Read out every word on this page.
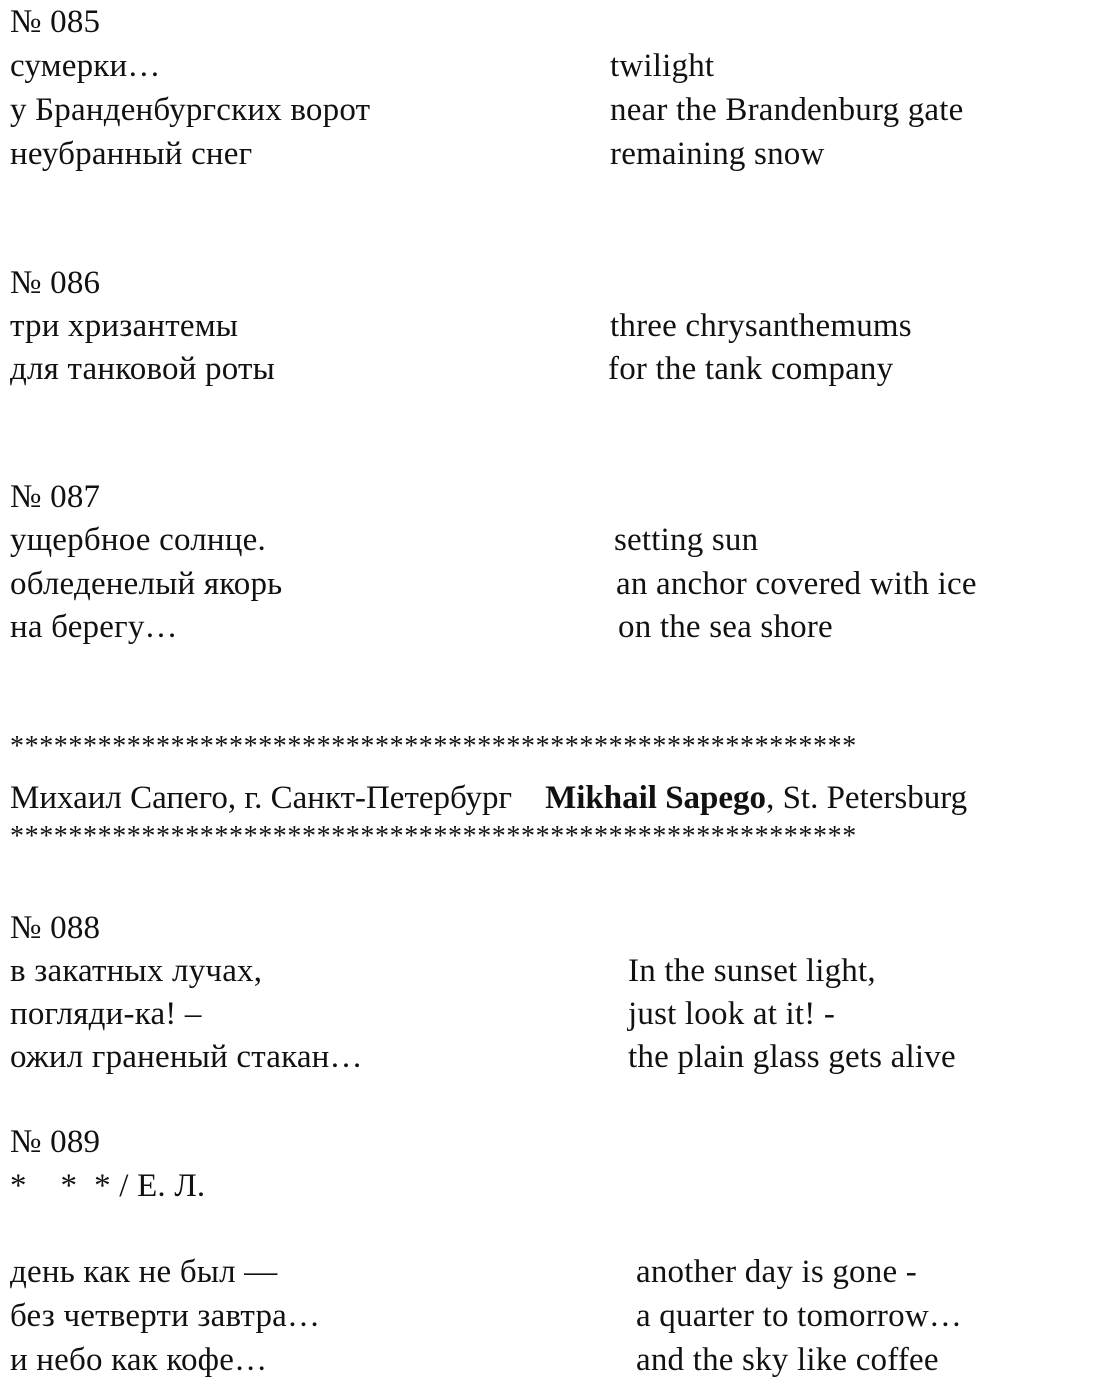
№ 085
сумерки…
у Бранденбургских ворот
неубранный снег
twilight
near the Brandenburg gate
remaining snow
№ 086
три хризантемы
для танковой роты
three chrysanthemums
for the tank company
№ 087
ущербное солнце.
обледенелый якорь
на берегу…
setting sun
an anchor covered with ice
on the sea shore
**********************************************************
Михаил Сапего, г. Санкт-Петербург Mikhail Sapego, St. Petersburg
**********************************************************
№ 088
в закатных лучах,
погляди-ка! –
ожил граненый стакан…
In the sunset light,
just look at it! -
the plain glass gets alive
№ 089
*    *  * / Е. Л.
день как не был —
без четверти завтра…
и небо как кофе…
another day is gone -
a quarter to tomorrow…
and the sky like coffee
